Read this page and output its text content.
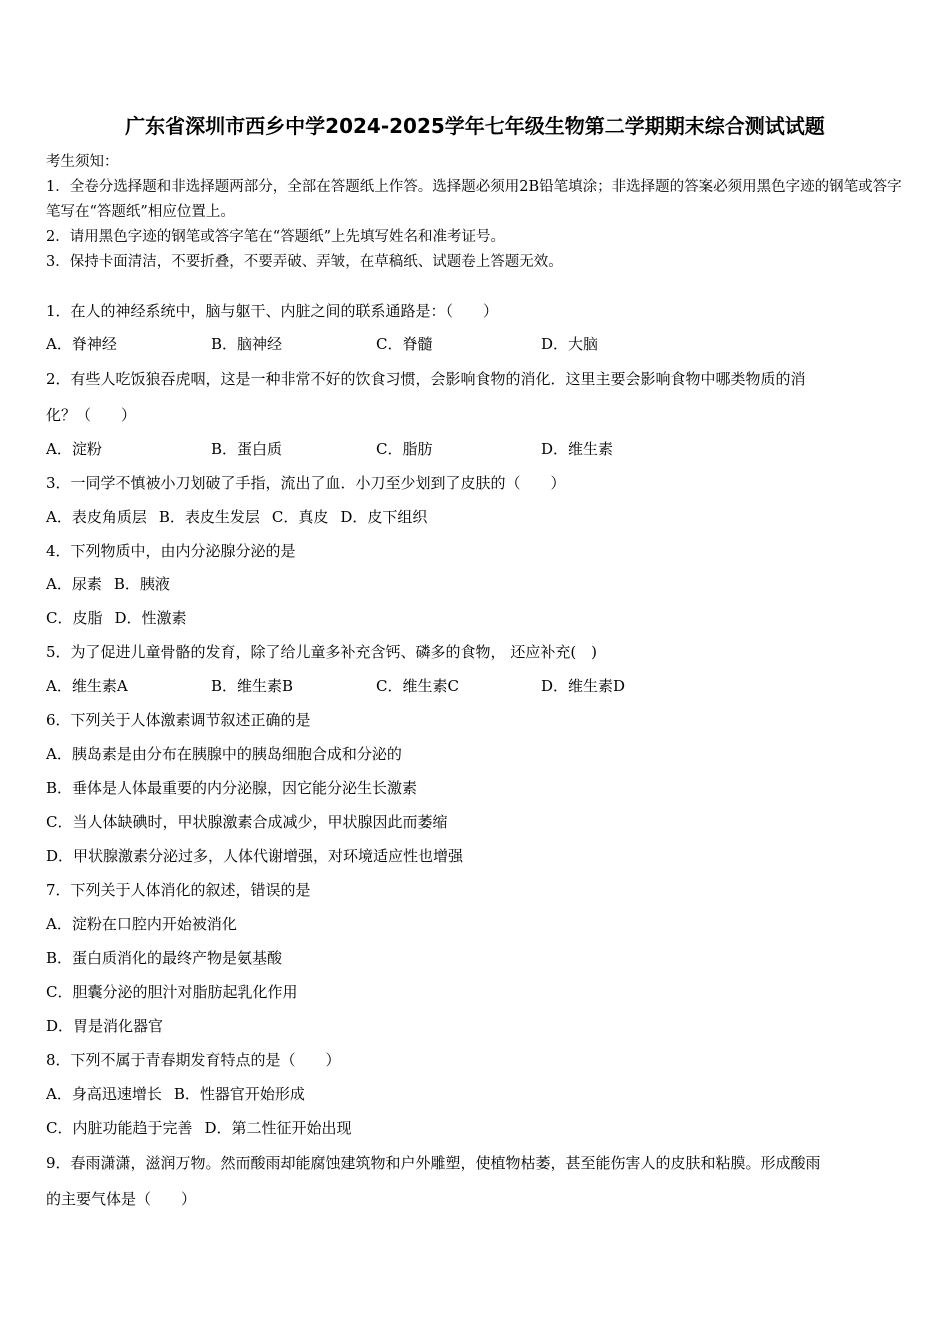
广东省深圳市西乡中学2024-2025学年七年级生物第二学期期末综合测试试题
考生须知：
1．全卷分选择题和非选择题两部分，全部在答题纸上作答。选择题必须用2B铅笔填涂；非选择题的答案必须用黑色字迹的钢笔或答字笔写在“答题纸”相应位置上。
2．请用黑色字迹的钢笔或答字笔在“答题纸”上先填写姓名和准考证号。
3．保持卡面清洁，不要折叠，不要弄破、弄皱，在草稿纸、试题卷上答题无效。
1．在人的神经系统中，脑与躯干、内脏之间的联系通路是：（　　）
A．脊神经	B．脑神经	C．脊髓	D．大脑
2．有些人吃饭狼吞虎咽，这是一种非常不好的饮食习惯，会影响食物的消化．这里主要会影响食物中哪类物质的消
化？（　　）
A．淀粉	B．蛋白质	C．脂肪	D．维生素
3．一同学不慎被小刀划破了手指，流出了血．小刀至少划到了皮肤的（　　）
A．表皮角质层 B．表皮生发层 C．真皮 D．皮下组织
4．下列物质中，由内分泌腺分泌的是
A．尿素 B．胰液
C．皮脂 D．性激素
5．为了促进儿童骨骼的发育，除了给儿童多补充含钙、磷多的食物， 还应补充(　)
A．维生素A	B．维生素B	C．维生素C	D．维生素D
6．下列关于人体激素调节叙述正确的是
A．胰岛素是由分布在胰腺中的胰岛细胞合成和分泌的
B．垂体是人体最重要的内分泌腺，因它能分泌生长激素
C．当人体缺碘时，甲状腺激素合成减少，甲状腺因此而萎缩
D．甲状腺激素分泌过多，人体代谢增强，对环境适应性也增强
7．下列关于人体消化的叙述，错误的是
A．淀粉在口腔内开始被消化
B．蛋白质消化的最终产物是氨基酸
C．胆囊分泌的胆汁对脂肪起乳化作用
D．胃是消化器官
8．下列不属于青春期发育特点的是（　　）
A．身高迅速增长 B．性器官开始形成
C．内脏功能趋于完善 D．第二性征开始出现
9．春雨潇潇，滋润万物。然而酸雨却能腐蚀建筑物和户外雕塑，使植物枯萎，甚至能伤害人的皮肤和粘膜。形成酸雨
的主要气体是（　　）
